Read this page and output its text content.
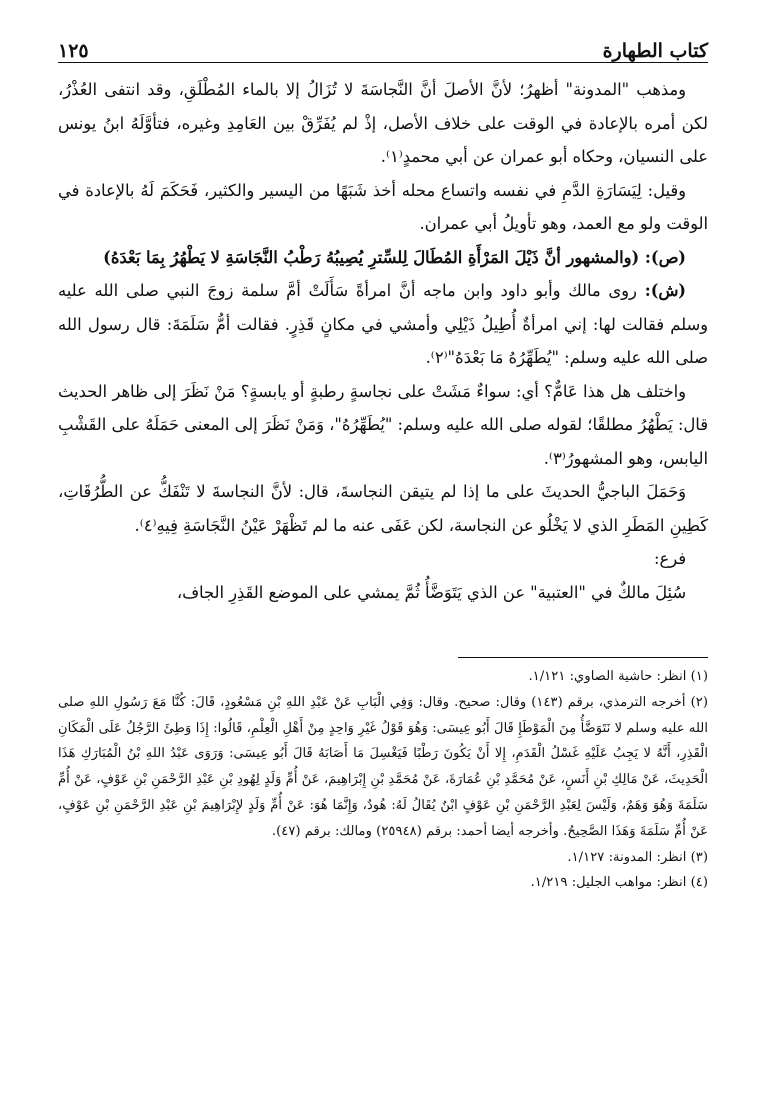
كتاب الطهارة
١٢٥

ومذهب "المدونة" أظهرُ؛ لأنَّ الأصلَ أنَّ النَّجاسَةَ لا تُزَالُ إلا بالماء المُطْلَقِ، وقد انتفى العُذْرُ، لكن أمره بالإعادة في الوقت على خلاف الأصل، إذْ لم يُفَرِّقْ بين العَامِدِ وغيره، فتأوَّلَهُ ابنُ يونس على النسيان، وحكاه أبو عمران عن أبي محمدٍ⁽١⁾.

وقيل: لِيَسَارَةِ الدَّمِ في نفسه واتساع محله أخذ شَبَهًا من اليسير والكثير، فَحَكَمَ لَهُ بالإعادة في الوقت ولو مع العمد، وهو تأويلُ أبي عمران.

(ص): (والمشهور أنَّ ذَيْلَ المَرْأَةِ المُطَالَ لِلسِّترِ يُصِيبُهُ رَطْبُ النَّجَاسَةِ لا يَطْهُرُ بِمَا بَعْدَهُ)

(ش): روى مالك وأبو داود وابن ماجه أنَّ امرأةً سَأَلَتْ أمَّ سلمة زوجَ النبي صلى الله عليه وسلم فقالت لها: إني امرأةٌ أُطِيلُ ذَيْلِي وأمشي في مكانٍ قَذِرٍ. فقالت أمُّ سَلَمَةَ: قال رسول الله صلى الله عليه وسلم: "يُطَهِّرُهُ مَا بَعْدَهُ"⁽٢⁾.

واختلف هل هذا عَامٌّ؟ أي: سواءٌ مَشَتْ على نجاسةٍ رطبةٍ أو يابسةٍ؟ مَنْ نَظَرَ إلى ظاهر الحديث قال: يَطْهُرُ مطلقًا؛ لقوله صلى الله عليه وسلم: "يُطَهِّرُهُ"، وَمَنْ نَظَرَ إلى المعنى حَمَلَهُ على القَشْبِ اليابس، وهو المشهورُ⁽٣⁾.

وَحَمَلَ الباجيُّ الحديثَ على ما إذا لم يتيقن النجاسةَ، قال: لأنَّ النجاسةَ لا تَنْفَكُّ عن الطُّرُقَاتِ، كَطِينِ المَطَرِ الذي لا يَخْلُو عن النجاسة، لكن عَفَى عنه ما لم تَظْهَرْ عَيْنُ النَّجَاسَةِ فِيهِ⁽٤⁾.

فرع:

سُئِلَ مالكٌ في "العتبية" عن الذي يَتَوَضَّأُ ثُمَّ يمشي على الموضع القَذِرِ الجاف،

(١) انظر: حاشية الصاوي: ١/١٢١.

(٢) أخرجه الترمذي، برقم (١٤٣) وقال: صحيح. وقال: وَفِي الْبَابِ عَنْ عَبْدِ اللهِ بْنِ مَسْعُودٍ، قَالَ: كُنَّا مَعَ رَسُولِ اللهِ صلى الله عليه وسلم لا نَتَوَضَّأُ مِنَ الْمَوْطَإِ قَالَ أَبُو عِيسَى: وَهُوَ قَوْلُ غَيْرِ وَاحِدٍ مِنْ أَهْلِ الْعِلْمِ، قَالُوا: إِذَا وَطِئَ الرَّجُلُ عَلَى الْمَكَانِ الْقَذِرِ، أَنَّهُ لا يَجِبُ عَلَيْهِ غَسْلُ الْقَدَمِ، إِلا أَنْ يَكُونَ رَطْبًا فَيَغْسِلَ مَا أَصَابَهُ قَالَ أَبُو عِيسَى: وَرَوَى عَبْدُ اللهِ بْنُ الْمُبَارَكِ هَذَا الْحَدِيثَ، عَنْ مَالِكِ بْنِ أَنَسٍ، عَنْ مُحَمَّدِ بْنِ عُمَارَةَ، عَنْ مُحَمَّدِ بْنِ إِبْرَاهِيمَ، عَنْ أُمِّ وَلَدٍ لِهُودِ بْنِ عَبْدِ الرَّحْمَنِ بْنِ عَوْفٍ، عَنْ أُمِّ سَلَمَةَ وَهُوَ وَهَمٌ، وَلَيْسَ لِعَبْدِ الرَّحْمَنِ بْنِ عَوْفٍ ابْنٌ يُقَالُ لَهُ: هُودٌ، وَإِنَّمَا هُوَ: عَنْ أُمِّ وَلَدٍ لإِبْرَاهِيمَ بْنِ عَبْدِ الرَّحْمَنِ بْنِ عَوْفٍ، عَنْ أُمِّ سَلَمَةَ وَهَذَا الصَّحِيحُ. وأخرجه أيضا أحمد: برقم (٢٥٩٤٨) ومالك: برقم (٤٧).

(٣) انظر: المدونة: ١/١٢٧.

(٤) انظر: مواهب الجليل: ١/٢١٩.
